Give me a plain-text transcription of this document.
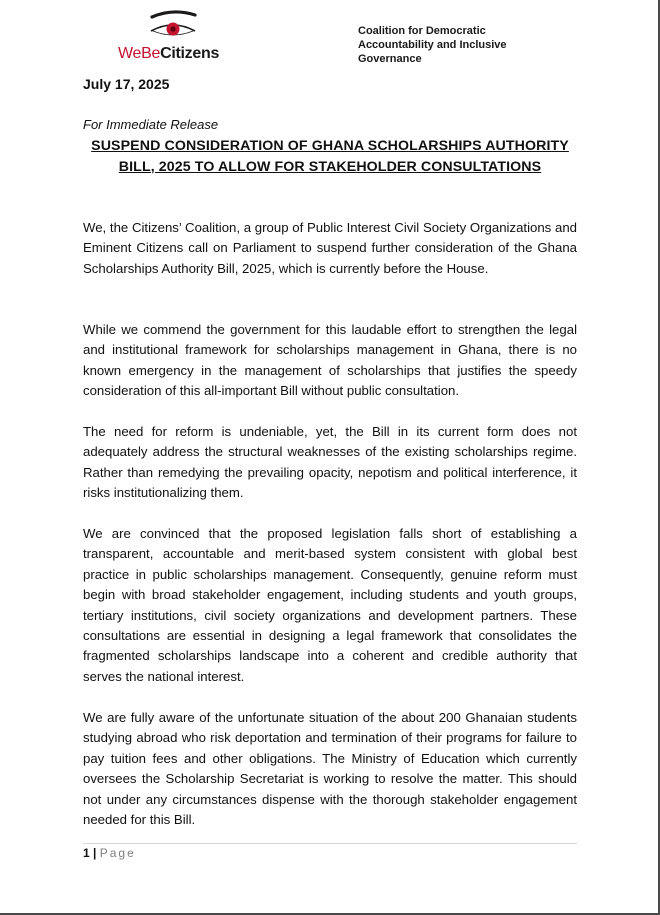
WeBeCitizens
Coalition for Democratic Accountability and Inclusive Governance
July 17, 2025
For Immediate Release
SUSPEND CONSIDERATION OF GHANA SCHOLARSHIPS AUTHORITY BILL, 2025 TO ALLOW FOR STAKEHOLDER CONSULTATIONS

We, the Citizens’ Coalition, a group of Public Interest Civil Society Organizations and Eminent Citizens call on Parliament to suspend further consideration of the Ghana Scholarships Authority Bill, 2025, which is currently before the House.

While we commend the government for this laudable effort to strengthen the legal and institutional framework for scholarships management in Ghana, there is no known emergency in the management of scholarships that justifies the speedy consideration of this all-important Bill without public consultation.

The need for reform is undeniable, yet, the Bill in its current form does not adequately address the structural weaknesses of the existing scholarships regime. Rather than remedying the prevailing opacity, nepotism and political interference, it risks institutionalizing them.

We are convinced that the proposed legislation falls short of establishing a transparent, accountable and merit-based system consistent with global best practice in public scholarships management. Consequently, genuine reform must begin with broad stakeholder engagement, including students and youth groups, tertiary institutions, civil society organizations and development partners. These consultations are essential in designing a legal framework that consolidates the fragmented scholarships landscape into a coherent and credible authority that serves the national interest.

We are fully aware of the unfortunate situation of the about 200 Ghanaian students studying abroad who risk deportation and termination of their programs for failure to pay tuition fees and other obligations. The Ministry of Education which currently oversees the Scholarship Secretariat is working to resolve the matter. This should not under any circumstances dispense with the thorough stakeholder engagement needed for this Bill.

1 | Page
